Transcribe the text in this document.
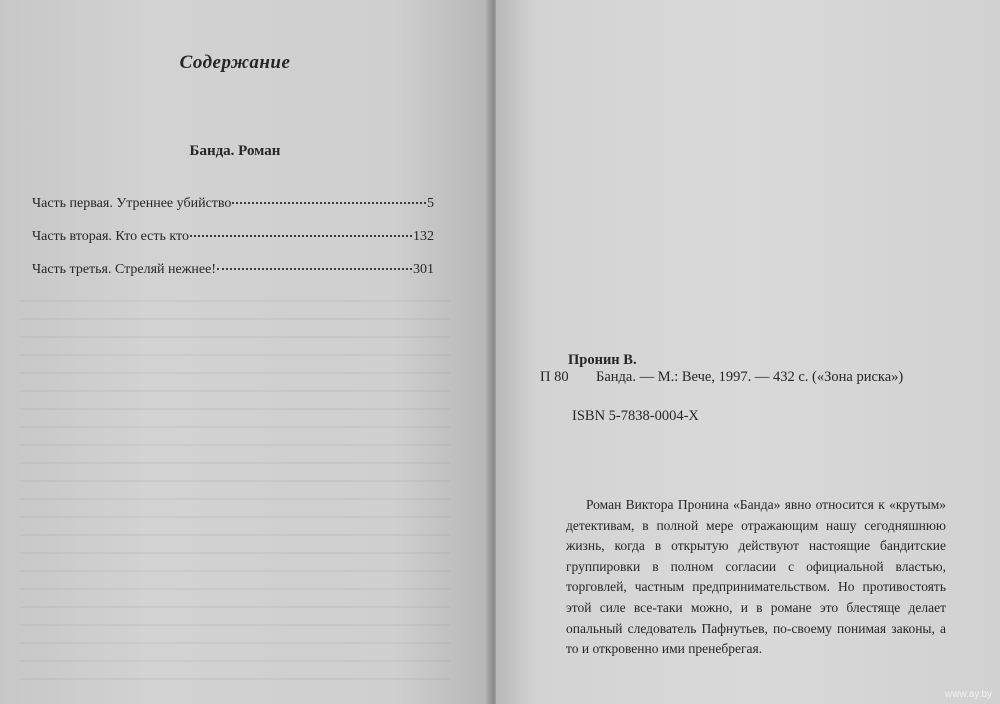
Содержание
Банда. Роман
Часть первая. Утреннее убийство	5
Часть вторая. Кто есть кто	132
Часть третья. Стреляй нежнее!	301
Пронин В.
П 80 Банда. — М.: Вече, 1997. — 432 с. («Зона риска»)
ISBN 5-7838-0004-X

Роман Виктора Пронина «Банда» явно относится к «крутым» детективам, в полной мере отражающим нашу сегодняшнюю жизнь, когда в открытую действуют настоящие бандитские группировки в полном согласии с официальной властью, торговлей, частным предпринимательством. Но противостоять этой силе все-таки можно, и в романе это блестяще делает опальный следователь Пафнутьев, по-своему понимая законы, а то и откровенно ими пренебрегая.

www.ay.by
